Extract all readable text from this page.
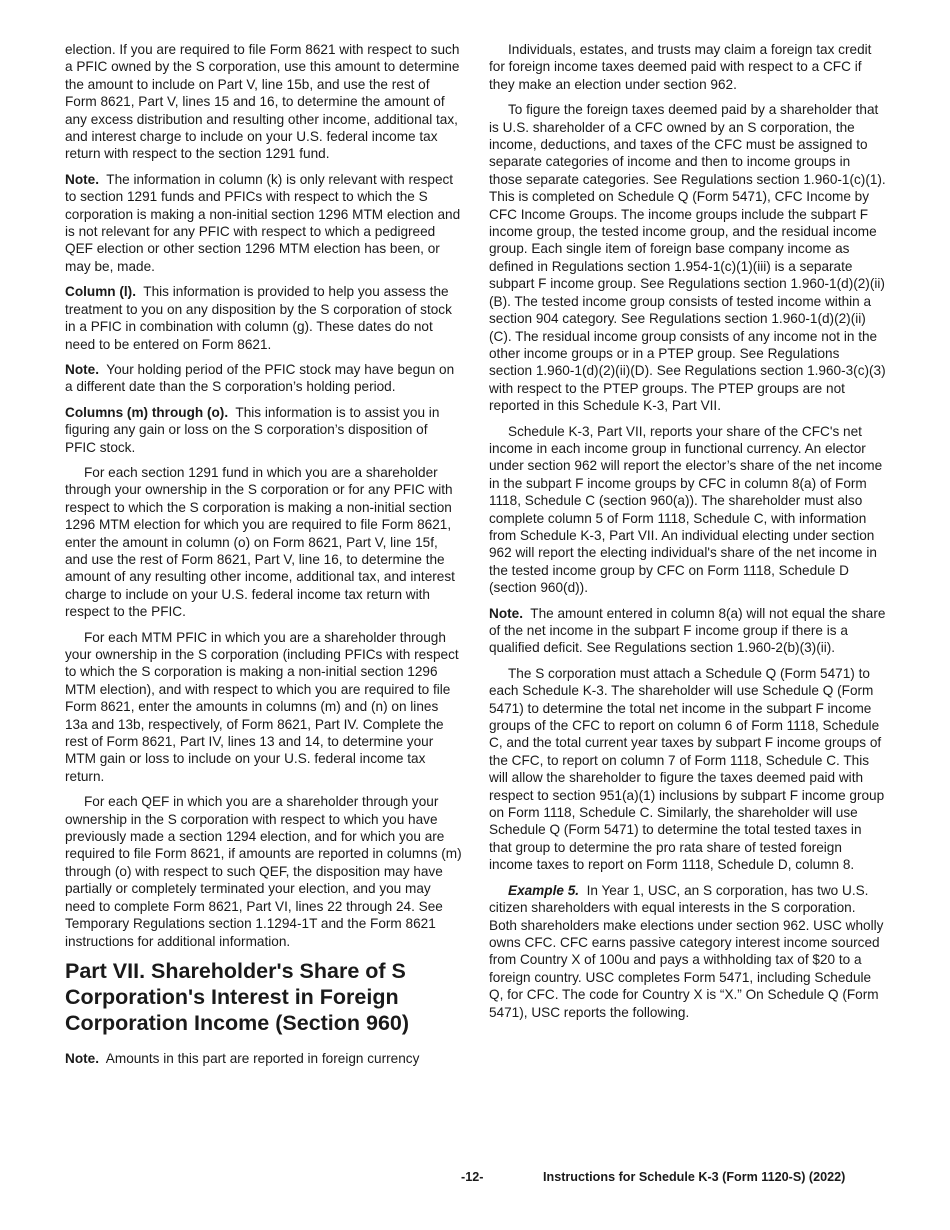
election. If you are required to file Form 8621 with respect to such a PFIC owned by the S corporation, use this amount to determine the amount to include on Part V, line 15b, and use the rest of Form 8621, Part V, lines 15 and 16, to determine the amount of any excess distribution and resulting other income, additional tax, and interest charge to include on your U.S. federal income tax return with respect to the section 1291 fund.

Note. The information in column (k) is only relevant with respect to section 1291 funds and PFICs with respect to which the S corporation is making a non-initial section 1296 MTM election and is not relevant for any PFIC with respect to which a pedigreed QEF election or other section 1296 MTM election has been, or may be, made.

Column (l). This information is provided to help you assess the treatment to you on any disposition by the S corporation of stock in a PFIC in combination with column (g). These dates do not need to be entered on Form 8621.

Note. Your holding period of the PFIC stock may have begun on a different date than the S corporation’s holding period.

Columns (m) through (o). This information is to assist you in figuring any gain or loss on the S corporation’s disposition of PFIC stock.

For each section 1291 fund in which you are a shareholder through your ownership in the S corporation or for any PFIC with respect to which the S corporation is making a non-initial section 1296 MTM election for which you are required to file Form 8621, enter the amount in column (o) on Form 8621, Part V, line 15f, and use the rest of Form 8621, Part V, line 16, to determine the amount of any resulting other income, additional tax, and interest charge to include on your U.S. federal income tax return with respect to the PFIC.

For each MTM PFIC in which you are a shareholder through your ownership in the S corporation (including PFICs with respect to which the S corporation is making a non-initial section 1296 MTM election), and with respect to which you are required to file Form 8621, enter the amounts in columns (m) and (n) on lines 13a and 13b, respectively, of Form 8621, Part IV. Complete the rest of Form 8621, Part IV, lines 13 and 14, to determine your MTM gain or loss to include on your U.S. federal income tax return.

For each QEF in which you are a shareholder through your ownership in the S corporation with respect to which you have previously made a section 1294 election, and for which you are required to file Form 8621, if amounts are reported in columns (m) through (o) with respect to such QEF, the disposition may have partially or completely terminated your election, and you may need to complete Form 8621, Part VI, lines 22 through 24. See Temporary Regulations section 1.1294-1T and the Form 8621 instructions for additional information.

Part VII. Shareholder's Share of S Corporation's Interest in Foreign Corporation Income (Section 960)

Note. Amounts in this part are reported in foreign currency

Individuals, estates, and trusts may claim a foreign tax credit for foreign income taxes deemed paid with respect to a CFC if they make an election under section 962.

To figure the foreign taxes deemed paid by a shareholder that is U.S. shareholder of a CFC owned by an S corporation, the income, deductions, and taxes of the CFC must be assigned to separate categories of income and then to income groups in those separate categories. See Regulations section 1.960-1(c)(1). This is completed on Schedule Q (Form 5471), CFC Income by CFC Income Groups. The income groups include the subpart F income group, the tested income group, and the residual income group. Each single item of foreign base company income as defined in Regulations section 1.954-1(c)(1)(iii) is a separate subpart F income group. See Regulations section 1.960-1(d)(2)(ii)(B). The tested income group consists of tested income within a section 904 category. See Regulations section 1.960-1(d)(2)(ii)(C). The residual income group consists of any income not in the other income groups or in a PTEP group. See Regulations section 1.960-1(d)(2)(ii)(D). See Regulations section 1.960-3(c)(3) with respect to the PTEP groups. The PTEP groups are not reported in this Schedule K-3, Part VII.

Schedule K-3, Part VII, reports your share of the CFC's net income in each income group in functional currency. An elector under section 962 will report the elector’s share of the net income in the subpart F income groups by CFC in column 8(a) of Form 1118, Schedule C (section 960(a)). The shareholder must also complete column 5 of Form 1118, Schedule C, with information from Schedule K-3, Part VII. An individual electing under section 962 will report the electing individual's share of the net income in the tested income group by CFC on Form 1118, Schedule D (section 960(d)).

Note. The amount entered in column 8(a) will not equal the share of the net income in the subpart F income group if there is a qualified deficit. See Regulations section 1.960-2(b)(3)(ii).

The S corporation must attach a Schedule Q (Form 5471) to each Schedule K-3. The shareholder will use Schedule Q (Form 5471) to determine the total net income in the subpart F income groups of the CFC to report on column 6 of Form 1118, Schedule C, and the total current year taxes by subpart F income groups of the CFC, to report on column 7 of Form 1118, Schedule C. This will allow the shareholder to figure the taxes deemed paid with respect to section 951(a)(1) inclusions by subpart F income group on Form 1118, Schedule C. Similarly, the shareholder will use Schedule Q (Form 5471) to determine the total tested taxes in that group to determine the pro rata share of tested foreign income taxes to report on Form 1118, Schedule D, column 8.

Example 5. In Year 1, USC, an S corporation, has two U.S. citizen shareholders with equal interests in the S corporation. Both shareholders make elections under section 962. USC wholly owns CFC. CFC earns passive category interest income sourced from Country X of 100u and pays a withholding tax of $20 to a foreign country. USC completes Form 5471, including Schedule Q, for CFC. The code for Country X is “X.” On Schedule Q (Form 5471), USC reports the following.

-12-	Instructions for Schedule K-3 (Form 1120-S) (2022)
